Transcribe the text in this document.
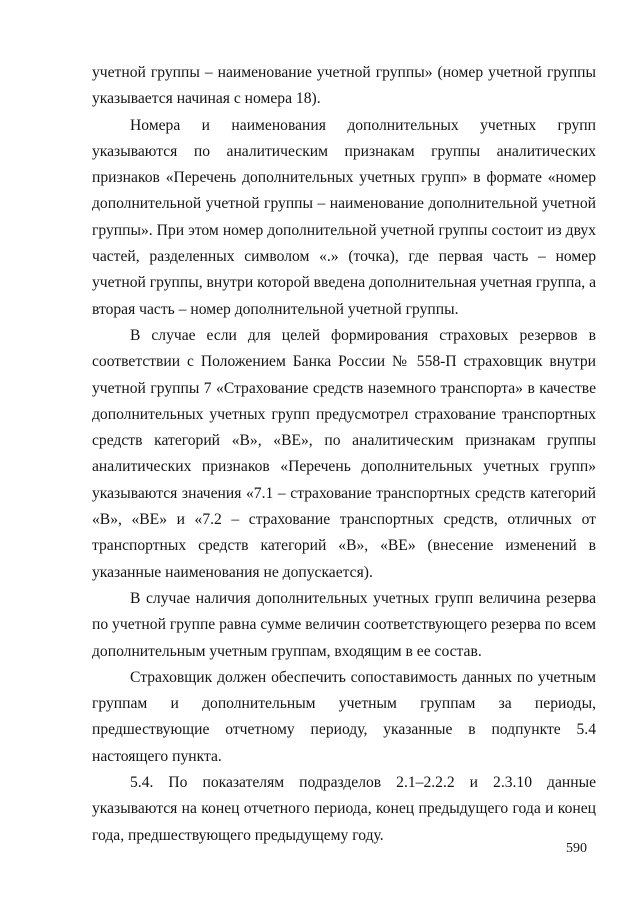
учетной группы – наименование учетной группы» (номер учетной группы указывается начиная с номера 18).

Номера и наименования дополнительных учетных групп указываются по аналитическим признакам группы аналитических признаков «Перечень дополнительных учетных групп» в формате «номер дополнительной учетной группы – наименование дополнительной учетной группы». При этом номер дополнительной учетной группы состоит из двух частей, разделенных символом «.» (точка), где первая часть – номер учетной группы, внутри которой введена дополнительная учетная группа, а вторая часть – номер дополнительной учетной группы.

В случае если для целей формирования страховых резервов в соответствии с Положением Банка России № 558-П страховщик внутри учетной группы 7 «Страхование средств наземного транспорта» в качестве дополнительных учетных групп предусмотрел страхование транспортных средств категорий «B», «BE», по аналитическим признакам группы аналитических признаков «Перечень дополнительных учетных групп» указываются значения «7.1 – страхование транспортных средств категорий «B», «BE» и «7.2 – страхование транспортных средств, отличных от транспортных средств категорий «B», «BE» (внесение изменений в указанные наименования не допускается).

В случае наличия дополнительных учетных групп величина резерва по учетной группе равна сумме величин соответствующего резерва по всем дополнительным учетным группам, входящим в ее состав.

Страховщик должен обеспечить сопоставимость данных по учетным группам и дополнительным учетным группам за периоды, предшествующие отчетному периоду, указанные в подпункте 5.4 настоящего пункта.

5.4. По показателям подразделов 2.1–2.2.2 и 2.3.10 данные указываются на конец отчетного периода, конец предыдущего года и конец года, предшествующего предыдущему году.

590
